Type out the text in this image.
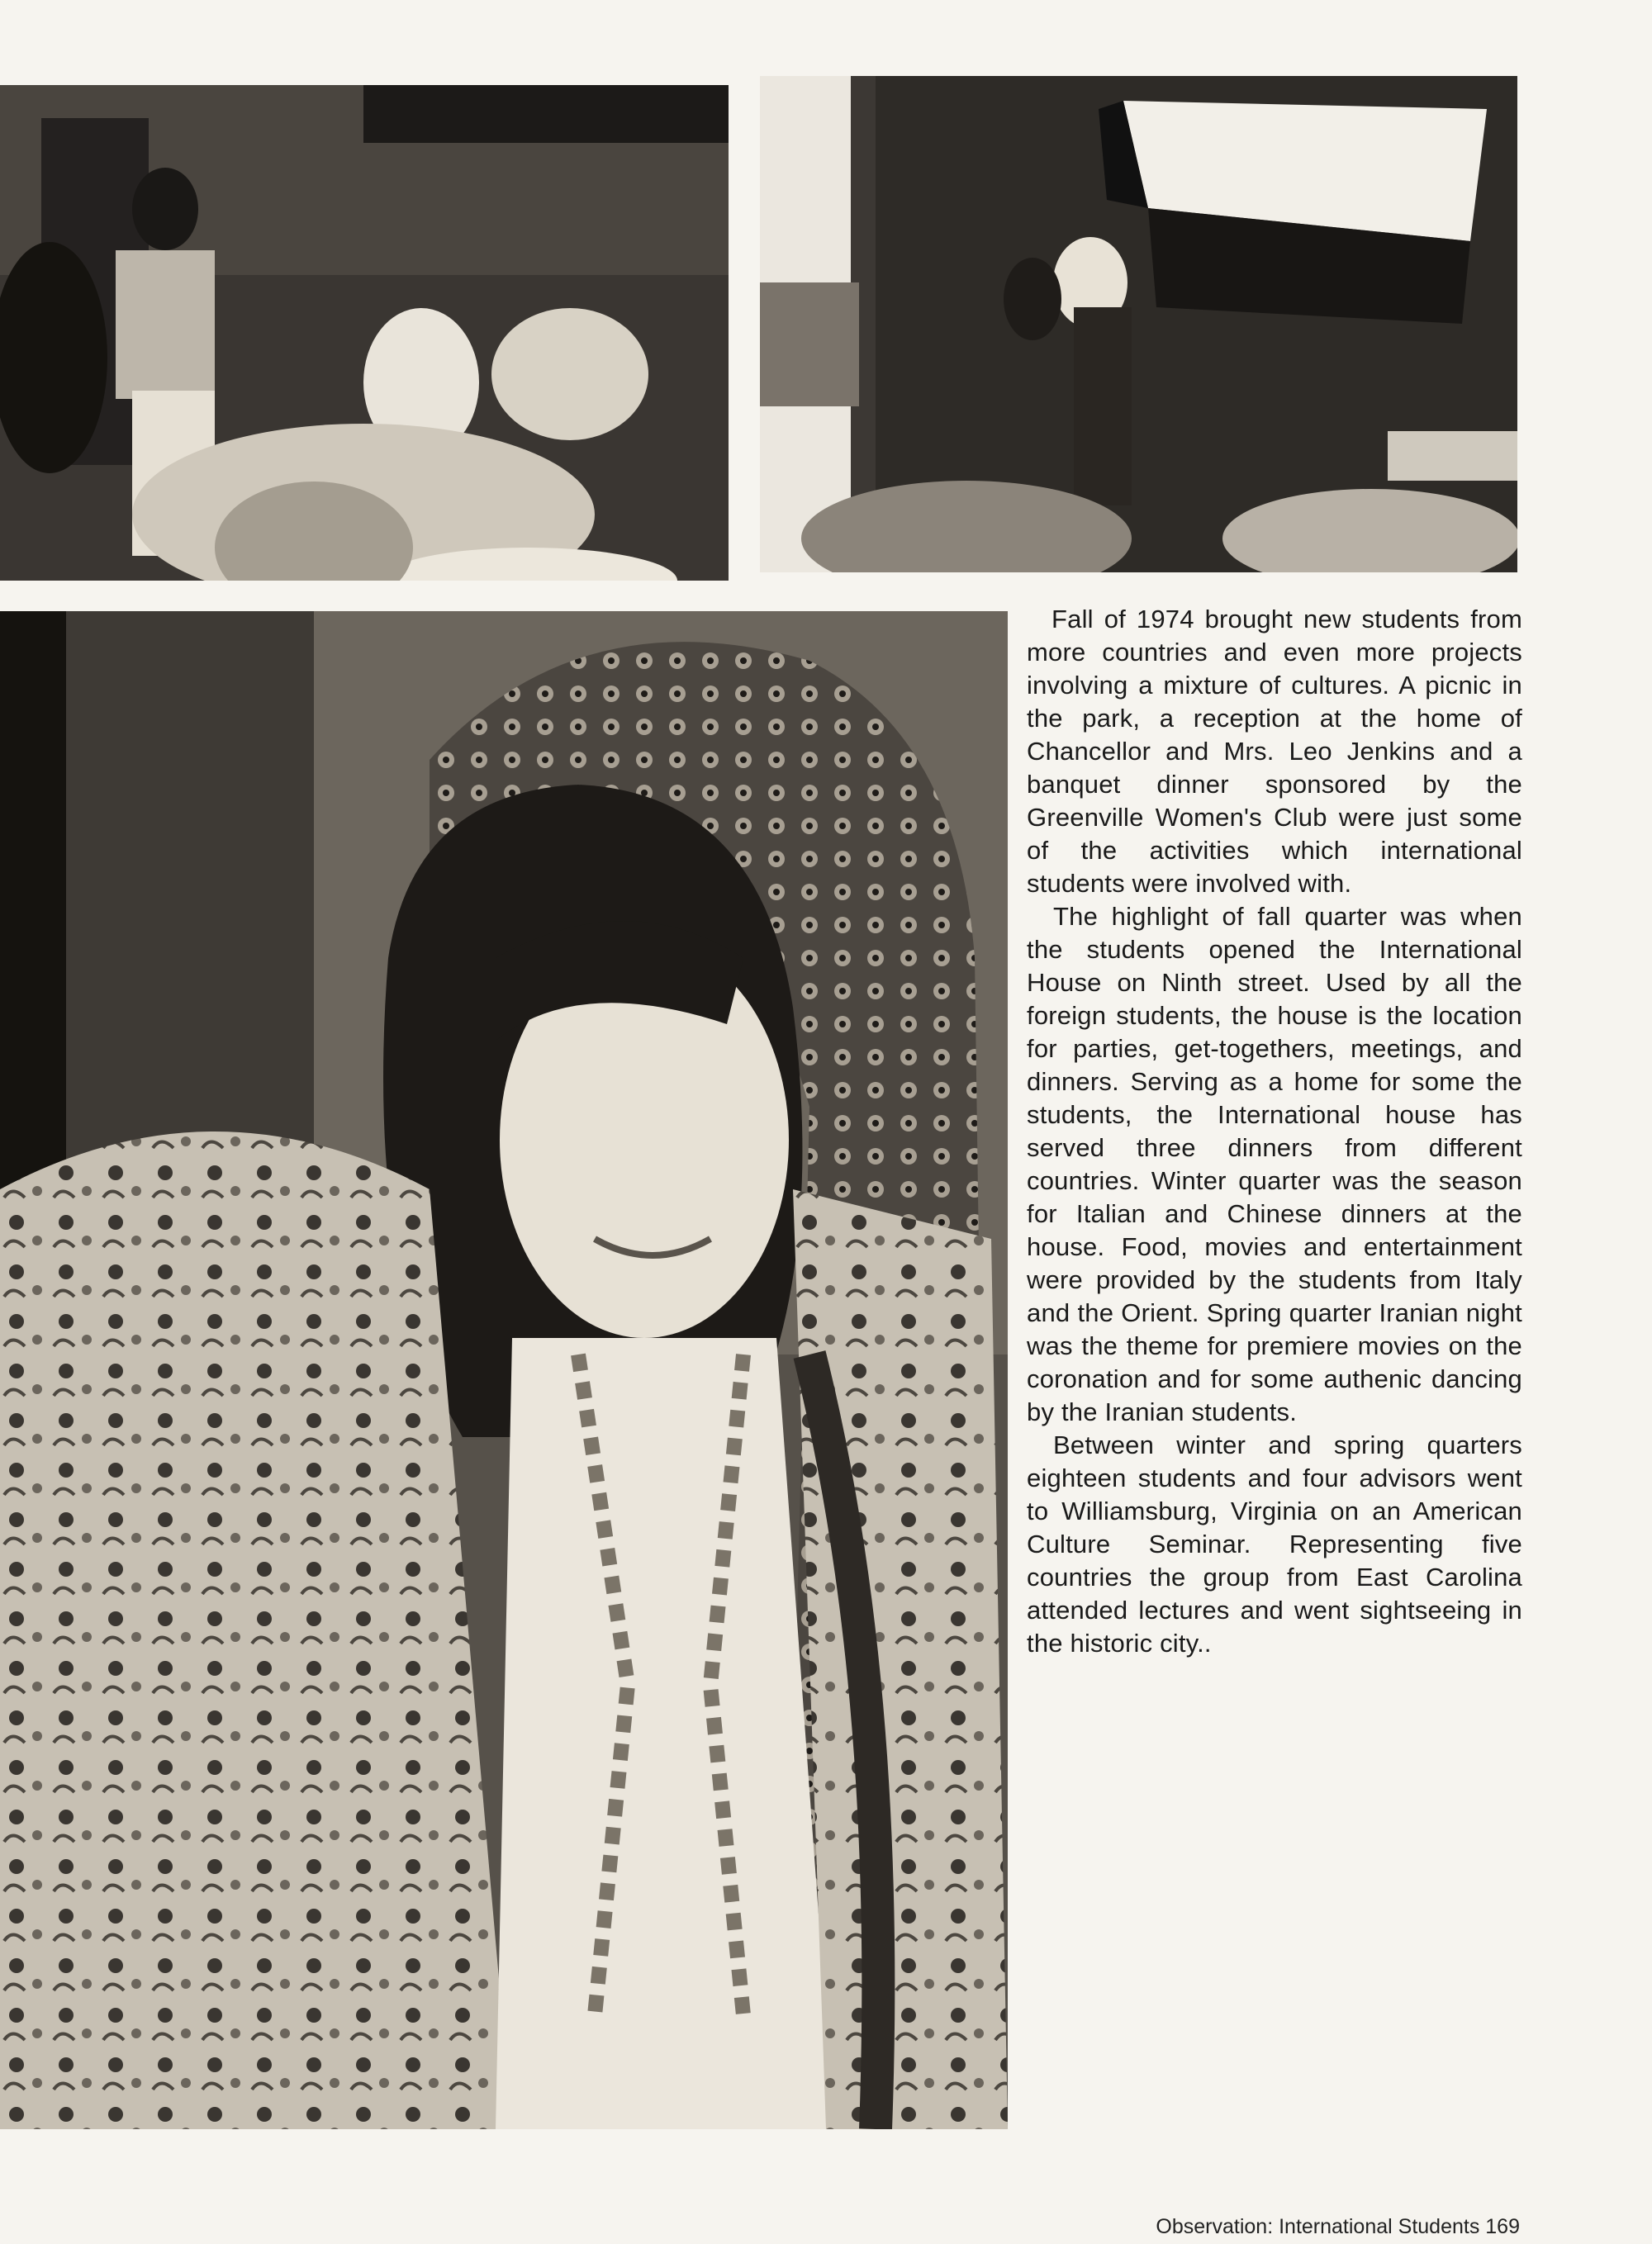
Fall of 1974 brought new students from more countries and even more projects involving a mixture of cultures. A picnic in the park, a reception at the home of Chancellor and Mrs. Leo Jenkins and a banquet dinner sponsored by the Greenville Women's Club were just some of the activities which international students were involved with.

The highlight of fall quarter was when the students opened the International House on Ninth street. Used by all the foreign students, the house is the location for parties, get-togethers, meetings, and dinners. Serving as a home for some the students, the International house has served three dinners from different countries. Winter quarter was the season for Italian and Chinese dinners at the house. Food, movies and entertainment were provided by the students from Italy and the Orient. Spring quarter Iranian night was the theme for premiere movies on the coronation and for some authenic dancing by the Iranian students.

Between winter and spring quarters eighteen students and four advisors went to Williamsburg, Virginia on an American Culture Seminar. Representing five countries the group from East Carolina attended lectures and went sightseeing in the historic city..

Observation: International Students 169
